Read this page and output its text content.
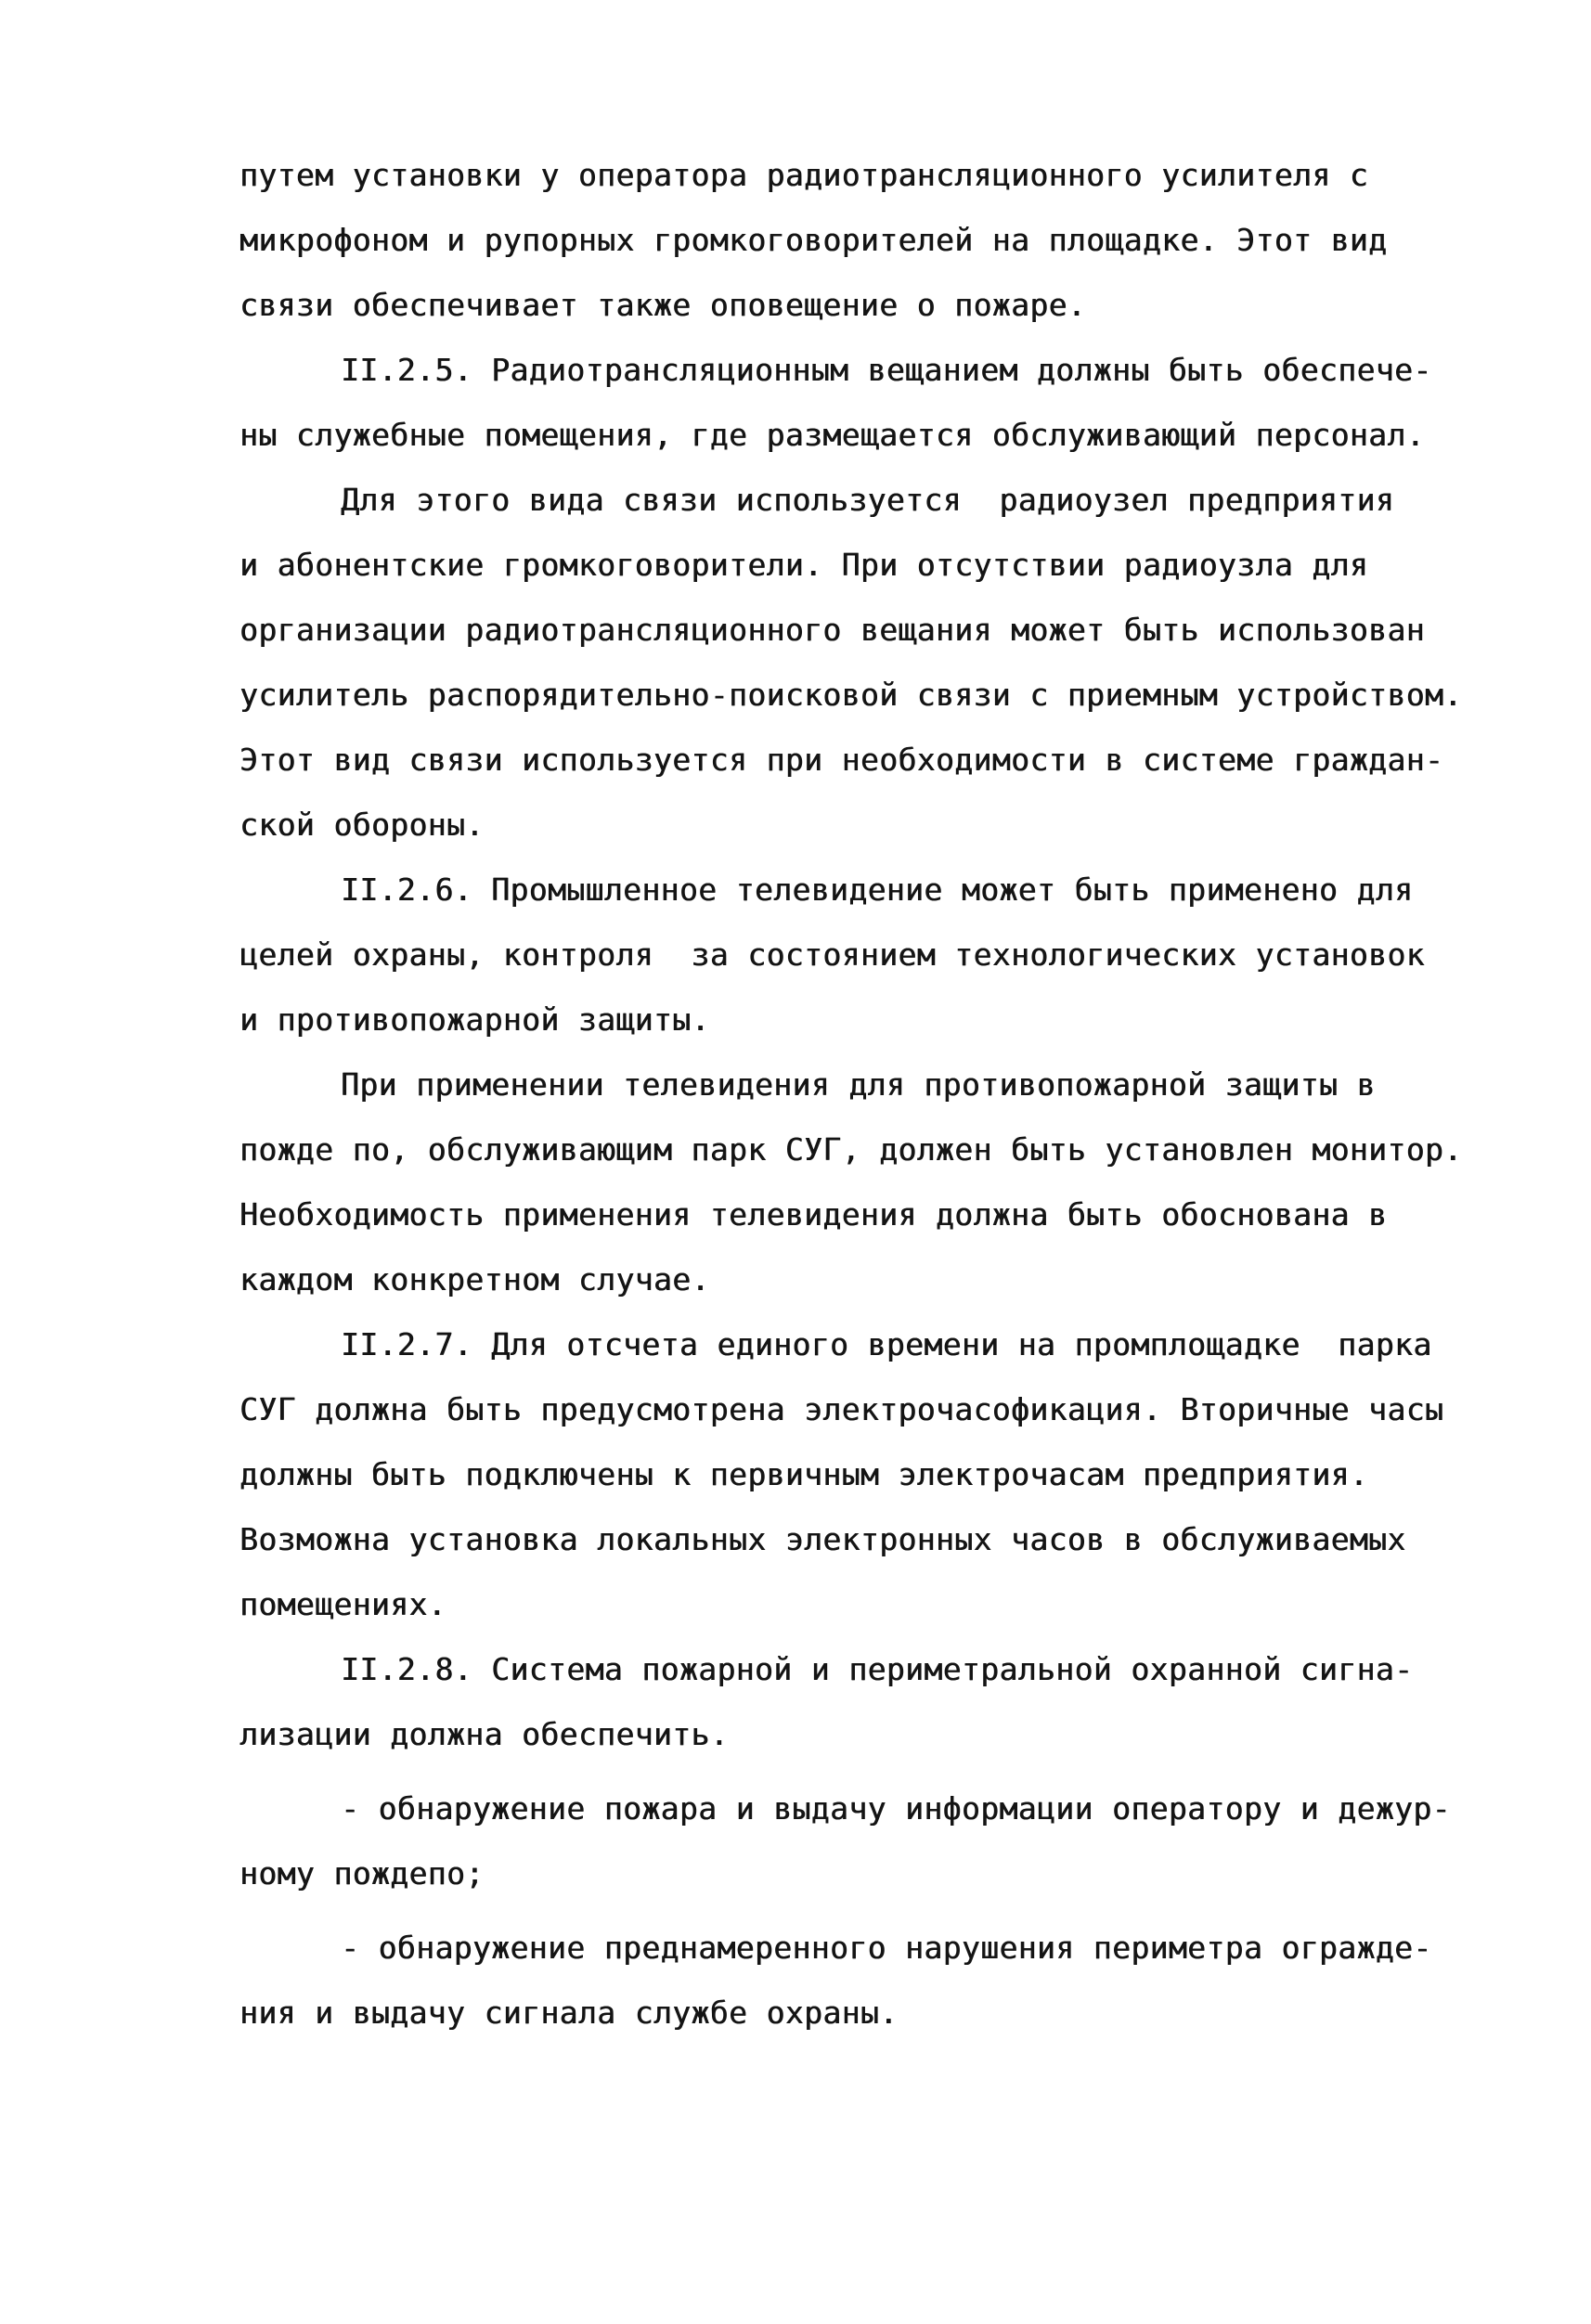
путем установки у оператора радиотрансляционного усилителя с
микрофоном и рупорных громкоговорителей на площадке. Этот вид
связи обеспечивает также оповещение о пожаре.
II.2.5. Радиотрансляционным вещанием должны быть обеспече-
ны служебные помещения, где размещается обслуживающий персонал.
Для этого вида связи используется  радиоузел предприятия
и абонентские громкоговорители. При отсутствии радиоузла для
организации радиотрансляционного вещания может быть использован
усилитель распорядительно-поисковой связи с приемным устройством.
Этот вид связи используется при необходимости в системе граждан-
ской обороны.
II.2.6. Промышленное телевидение может быть применено для
целей охраны, контроля  за состоянием технологических установок
и противопожарной защиты.
При применении телевидения для противопожарной защиты в
пожде по, обслуживающим парк СУГ, должен быть установлен монитор.
Необходимость применения телевидения должна быть обоснована в
каждом конкретном случае.
II.2.7. Для отсчета единого времени на промплощадке  парка
СУГ должна быть предусмотрена электрочасофикация. Вторичные часы
должны быть подключены к первичным электрочасам предприятия.
Возможна установка локальных электронных часов в обслуживаемых
помещениях.
II.2.8. Система пожарной и периметральной охранной сигна-
лизации должна обеспечить.
- обнаружение пожара и выдачу информации оператору и дежур-
ному пождепо;
- обнаружение преднамеренного нарушения периметра огражде-
ния и выдачу сигнала службе охраны.
